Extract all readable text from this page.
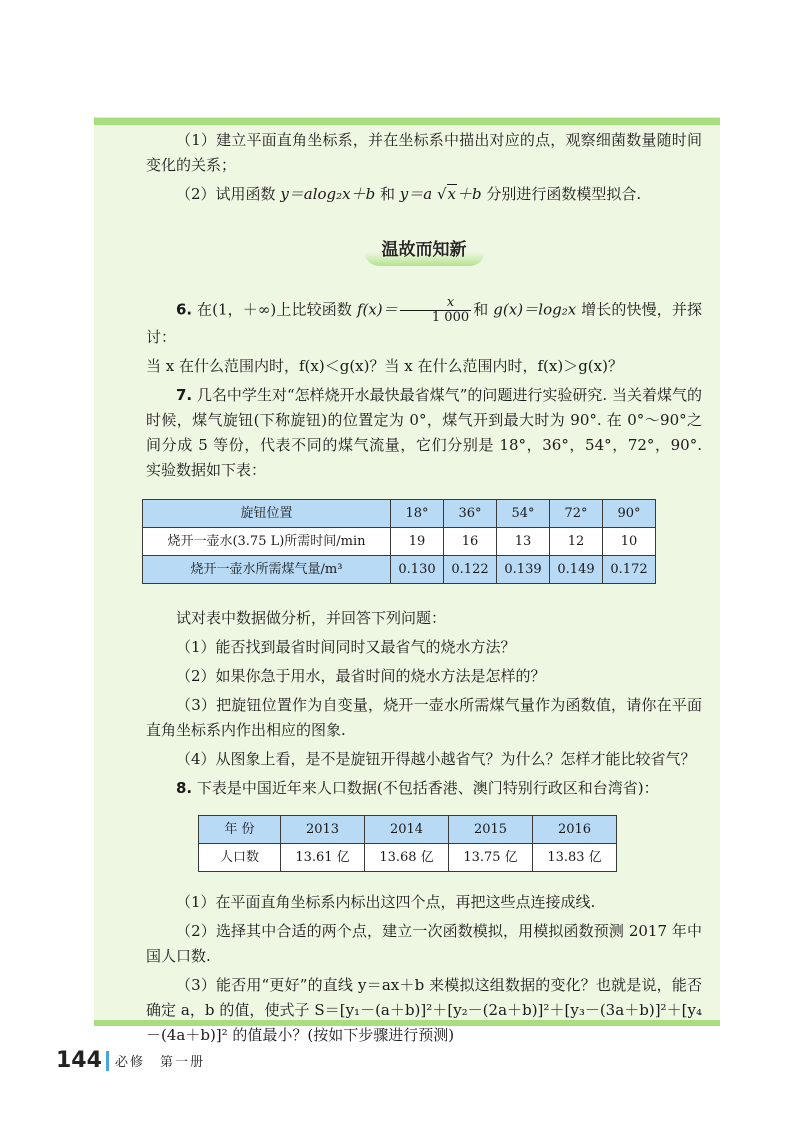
（1）建立平面直角坐标系，并在坐标系中描出对应的点，观察细菌数量随时间变化的关系；

（2）试用函数 y＝alog₂x＋b 和 y＝a √x＋b 分别进行函数模型拟合.

温故而知新

6. 在(1，＋∞)上比较函数 $f(x)= \frac{x}{1 000}$ 和 g(x)＝log₂x 增长的快慢，并探讨：

当 x 在什么范围内时，f(x)＜g(x)？当 x 在什么范围内时，f(x)＞g(x)？

7. 几名中学生对“怎样烧开水最快最省煤气”的问题进行实验研究. 当关着煤气的时候，煤气旋钮(下称旋钮)的位置定为 0°，煤气开到最大时为 90°. 在 0°～90°之间分成 5 等份，代表不同的煤气流量，它们分别是 18°，36°，54°，72°，90°. 实验数据如下表：

旋钮位置	18°	36°	54°	72°	90°
烧开一壶水(3.75 L)所需时间/min	19	16	13	12	10
烧开一壶水所需煤气量/m³	0.130	0.122	0.139	0.149	0.172

试对表中数据做分析，并回答下列问题：

（1）能否找到最省时间同时又最省气的烧水方法？

（2）如果你急于用水，最省时间的烧水方法是怎样的？

（3）把旋钮位置作为自变量，烧开一壶水所需煤气量作为函数值，请你在平面直角坐标系内作出相应的图象.

（4）从图象上看，是不是旋钮开得越小越省气？为什么？怎样才能比较省气？

8. 下表是中国近年来人口数据(不包括香港、澳门特别行政区和台湾省)：

年 份	2013	2014	2015	2016
人口数	13.61 亿	13.68 亿	13.75 亿	13.83 亿

（1）在平面直角坐标系内标出这四个点，再把这些点连接成线.

（2）选择其中合适的两个点，建立一次函数模拟，用模拟函数预测 2017 年中国人口数.

（3）能否用“更好”的直线 y＝ax＋b 来模拟这组数据的变化？也就是说，能否确定 a，b 的值，使式子 S＝[y₁－(a＋b)]²＋[y₂－(2a＋b)]²＋[y₃－(3a＋b)]²＋[y₄－(4a＋b)]² 的值最小？(按如下步骤进行预测)

144 必修　第一册
